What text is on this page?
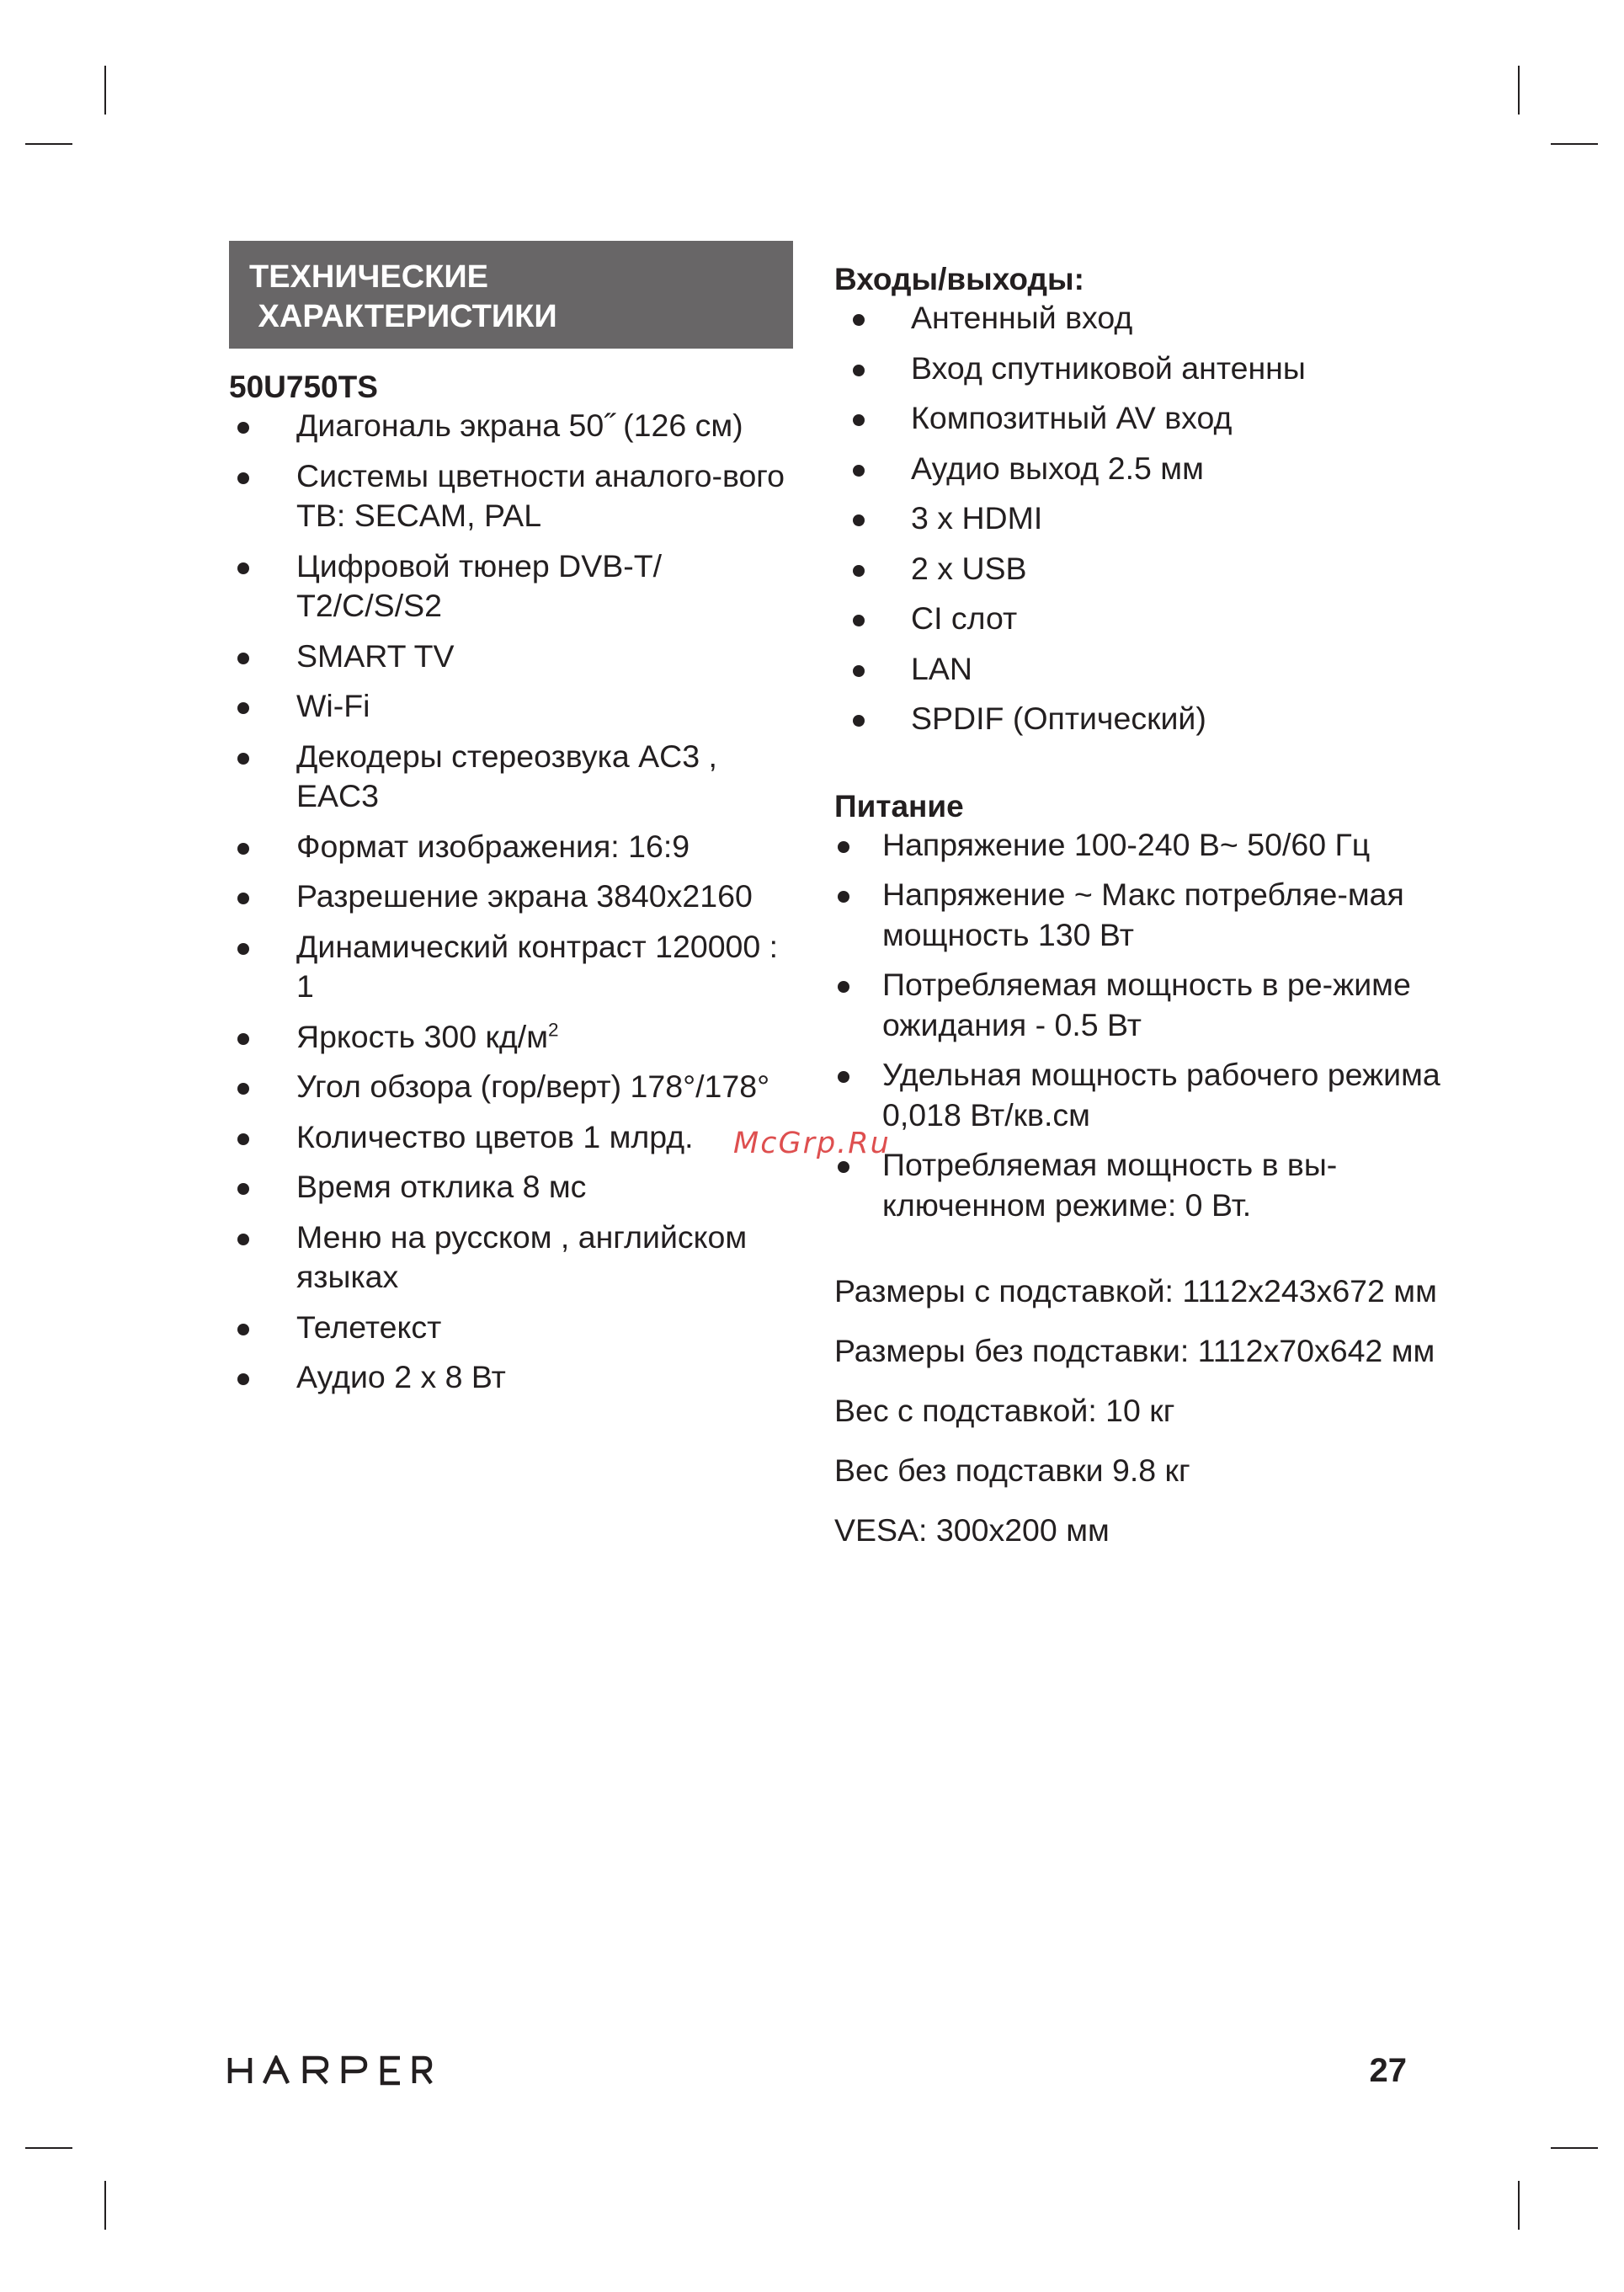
ТЕХНИЧЕСКИЕ
ХАРАКТЕРИСТИКИ
50U750TS
Диагональ экрана 50˝ (126 см)
Системы цветности аналого-вого ТВ: SECAM, PAL
Цифровой тюнер DVB-T/ T2/C/S/S2
SMART TV
Wi-Fi
Декодеры стереозвука AC3 , EAC3
Формат изображения: 16:9
Разрешение экрана 3840x2160
Динамический контраст 120000 : 1
Яркость 300 $кд/м^2$
Угол обзора (гор/верт) 178°/178°
Количество цветов 1 млрд.
Время отклика 8 мс
Меню на русском , английском языках
Телетекст
Аудио 2 х 8 Вт
Входы/выходы:
Антенный вход
Вход спутниковой антенны
Композитный AV вход
Аудио выход 2.5 мм
3 x HDMI
2 x USB
CI слот
LAN
SPDIF (Оптический)
Питание
Напряжение 100-240 В~ 50/60 Гц
Напряжение ~ Макс потребляе-мая мощность 130 Вт
Потребляемая мощность в ре-жиме ожидания - 0.5 Вт
Удельная мощность рабочего режима 0,018 Вт/кв.см
Потребляемая мощность в вы-ключенном режиме: 0 Вт.

Размеры с подставкой: 1112x243x672 мм

Размеры без подставки: 1112x70x642 мм

Вес с подставкой: 10 кг

Вес без подставки 9.8 кг

VESA: 300x200 мм

McGrp.Ru
27
